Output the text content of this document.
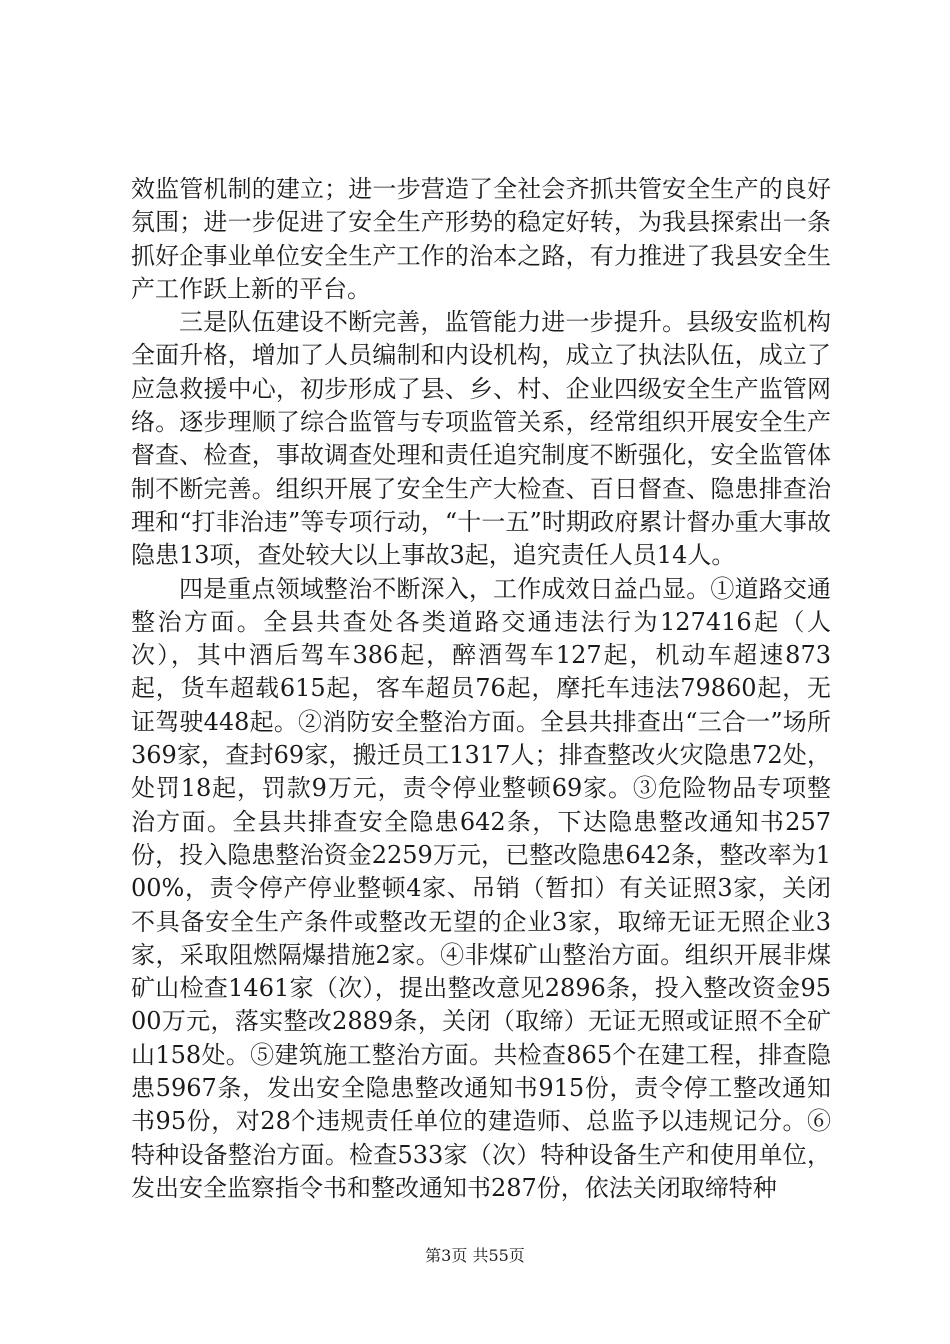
效监管机制的建立；进一步营造了全社会齐抓共管安全生产的良好氛围；进一步促进了安全生产形势的稳定好转，为我县探索出一条抓好企事业单位安全生产工作的治本之路，有力推进了我县安全生产工作跃上新的平台。

三是队伍建设不断完善，监管能力进一步提升。县级安监机构全面升格，增加了人员编制和内设机构，成立了执法队伍，成立了应急救援中心，初步形成了县、乡、村、企业四级安全生产监管网络。逐步理顺了综合监管与专项监管关系，经常组织开展安全生产督查、检查，事故调查处理和责任追究制度不断强化，安全监管体制不断完善。组织开展了安全生产大检查、百日督查、隐患排查治理和“打非治违”等专项行动，“十一五”时期政府累计督办重大事故隐患13项，查处较大以上事故3起，追究责任人员14人。

四是重点领域整治不断深入，工作成效日益凸显。①道路交通整治方面。全县共查处各类道路交通违法行为127416起（人次），其中酒后驾车386起，醉酒驾车127起，机动车超速873起，货车超载615起，客车超员76起，摩托车违法79860起，无证驾驶448起。②消防安全整治方面。全县共排查出“三合一”场所369家，查封69家，搬迁员工1317人；排查整改火灾隐患72处，处罚18起，罚款9万元，责令停业整顿69家。③危险物品专项整治方面。全县共排查安全隐患642条，下达隐患整改通知书257份，投入隐患整治资金2259万元，已整改隐患642条，整改率为100%，责令停产停业整顿4家、吊销（暂扣）有关证照3家，关闭不具备安全生产条件或整改无望的企业3家，取缔无证无照企业3家，采取阻燃隔爆措施2家。④非煤矿山整治方面。组织开展非煤矿山检查1461家（次），提出整改意见2896条，投入整改资金9500万元，落实整改2889条，关闭（取缔）无证无照或证照不全矿山158处。⑤建筑施工整治方面。共检查865个在建工程，排查隐患5967条，发出安全隐患整改通知书915份，责令停工整改通知书95份，对28个违规责任单位的建造师、总监予以违规记分。⑥特种设备整治方面。检查533家（次）特种设备生产和使用单位，发出安全监察指令书和整改通知书287份，依法关闭取缔特种

第3页 共55页
